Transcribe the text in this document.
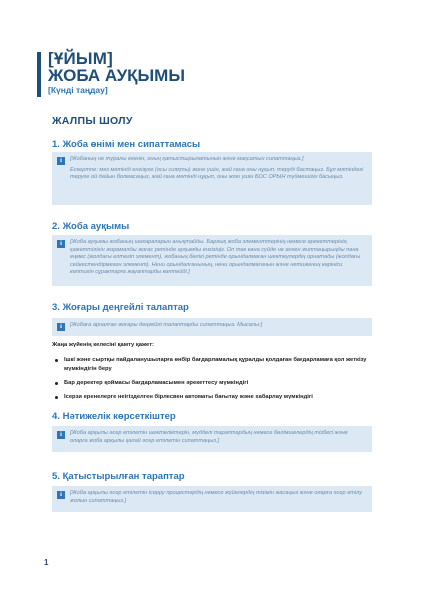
[ҰЙЫМ]
ЖОБА АУҚЫМЫ
[Күнді таңдау]
ЖАЛПЫ ШОЛУ
1. Жоба өнімі мен сипаттамасы
i	[Жобаның не түралы екенін, оның қатыстырылатынын және мақсатын сипаттаңыз.]

Ескертпе: мәз мәтінді енгізуге (осы сияқты) жоне үшін, жай ғана оны нұқып, теруді бастаңыз. Бұл мәтіндегі теруге ой дайын болмасаңыз, жай ғана мәтінді нұқып, оны жою үшін БОС ОРЫН түймешігін басыңыз.

2. Жоба ауқымы
i	[Жоба ауқымы жобаның шекараларын анықтайды. Барлық жоба элементтерінің немесе өрекеттерінің қажеттілігін жорамалды жоғас ретінде ауқымды енгізіңіз. Оп төк кана сүйде не өлген жиптаңырыңды пана еңмес (жолдағы елтегіп элемент), жобаның бөлігі ретінде орындалмаған шектеулердің орнатады (жолдағы сейкестендірмеген элемент). Нени орындалғанының, нени орындалмағанын және нетижениң көрініси көптигін сұрактарға жауаптарды көптейді.]

3. Жоғары деңгейлі талаптар
i	[Жобаға арналған жоғары деңгейлі талаптарды сипаттаңыз. Мысалы:]

Жаңа жүйенің келесіні қамту қажет:
Ішкі және сыртқы пайдаланушыларға өнбір бағдарламалық құралды қолдаған бағдарламаға қол жеткізу мүмкіндігін беру
Бар деректер қоймасы бағдарламасымен әрекеттесу мүмкіндігі
Ісерзи еренелерге неігізделген бірлесвен автоматы бағытау және хабарлау мүмкіндігі
4. Нәтижелік көрсеткіштер
i	[Жоба арқылы әсер етілетін шектеліктерін, мүдделі тараптардың немесе бөлімшелердің тізбесі және оларға жоба арқылы қалай әсер етілетін сипаттаңыз.]

5. Қатыстырылған тараптар
i	[Жоба арқылы әсер етілетін ісерру процестердің немесе жүйелердің тізімін жасаңыз және оларға әсер етілу жолын сипаттаңыз.]

1
